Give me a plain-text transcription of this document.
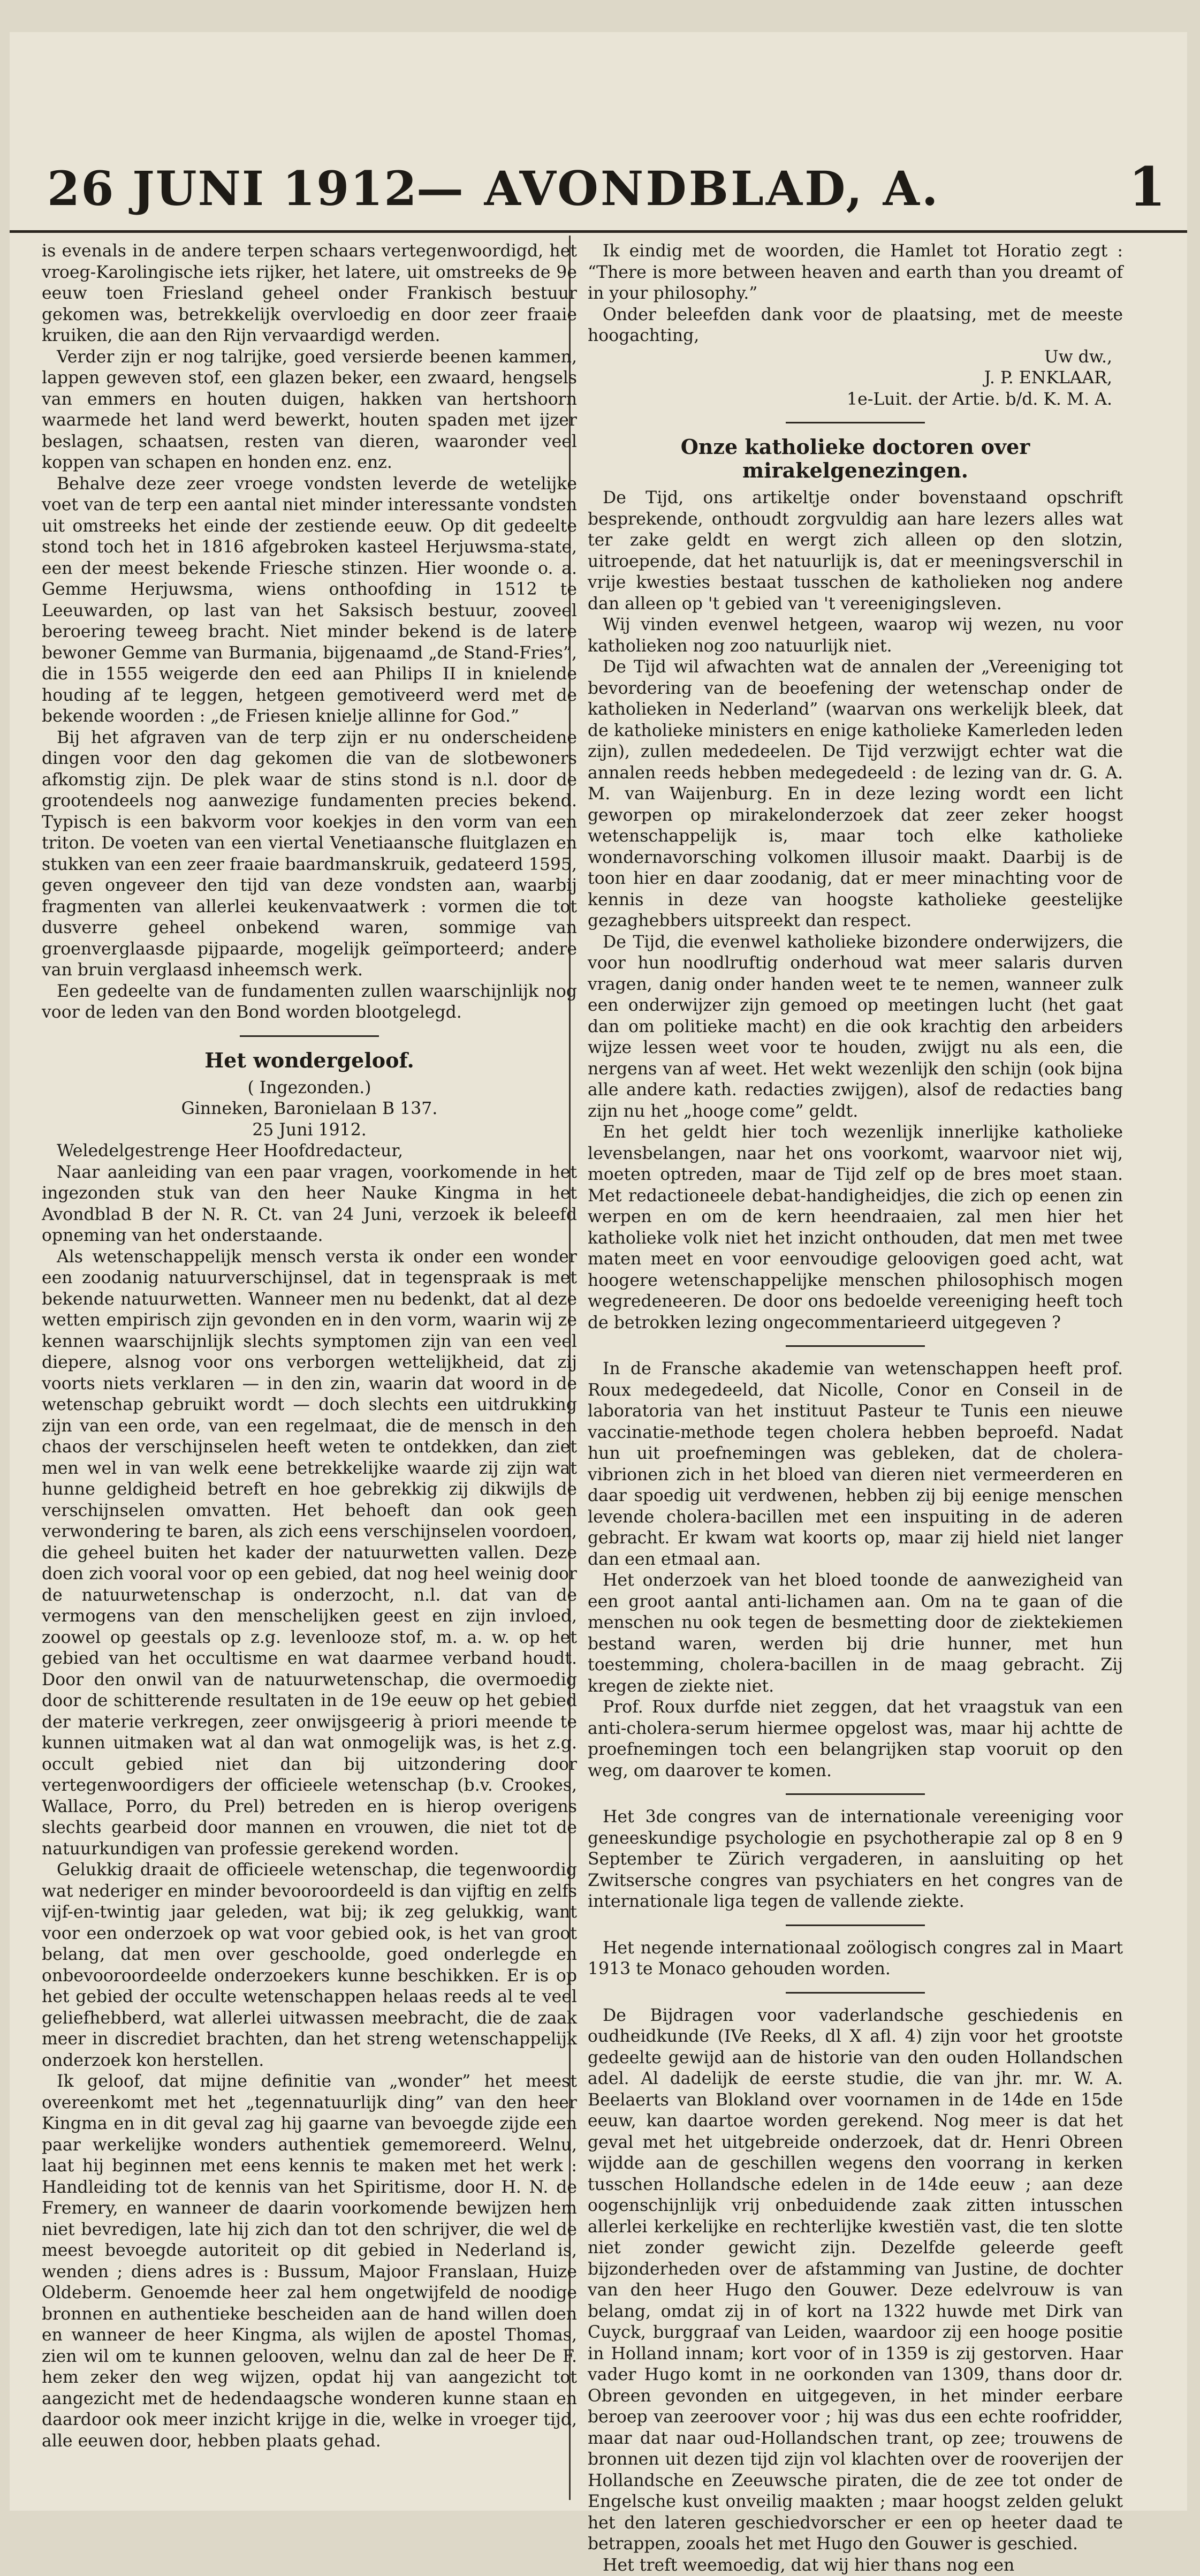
26 JUNI 1912
— AVONDBLAD, A.	1

is evenals in de andere terpen schaars vertegenwoordigd, het vroeg-Karolingische iets rijker, het latere, uit omstreeks de 9e eeuw toen Friesland geheel onder Frankisch bestuur gekomen was, betrekkelijk overvloedig en door zeer fraaie kruiken, die aan den Rijn vervaardigd werden.

Verder zijn er nog talrijke, goed versierde beenen kammen, lappen geweven stof, een glazen beker, een zwaard, hengsels van emmers en houten duigen, hakken van hertshoorn waarmede het land werd bewerkt, houten spaden met ijzer beslagen, schaatsen, resten van dieren, waaronder veel koppen van schapen en honden enz. enz.

Behalve deze zeer vroege vondsten leverde de wetelijke voet van de terp een aantal niet minder interessante vondsten uit omstreeks het einde der zestiende eeuw. Op dit gedeelte stond toch het in 1816 afgebroken kasteel Herjuwsma-state, een der meest bekende Friesche stinzen. Hier woonde o. a. Gemme Herjuwsma, wiens onthoofding in 1512 te Leeuwarden, op last van het Saksisch bestuur, zooveel beroering teweeg bracht. Niet minder bekend is de latere bewoner Gemme van Burmania, bijgenaamd „de Stand-Fries”, die in 1555 weigerde den eed aan Philips II in knielende houding af te leggen, hetgeen gemotiveerd werd met de bekende woorden : „de Friesen knielje allinne for God.”

Bij het afgraven van de terp zijn er nu onderscheidene dingen voor den dag gekomen die van de slotbewoners afkomstig zijn. De plek waar de stins stond is n.l. door de grootendeels nog aanwezige fundamenten precies bekend. Typisch is een bakvorm voor koekjes in den vorm van een triton. De voeten van een viertal Venetiaansche fluitglazen en stukken van een zeer fraaie baardmanskruik, gedateerd 1595, geven ongeveer den tijd van deze vondsten aan, waarbij fragmenten van allerlei keukenvaatwerk : vormen die tot dusverre geheel onbekend waren, sommige van groenverglaasde pijpaarde, mogelijk geïmporteerd; andere van bruin verglaasd inheemsch werk.

Een gedeelte van de fundamenten zullen waarschijnlijk nog voor de leden van den Bond worden blootgelegd.

Het wondergeloof.

( Ingezonden.)

Ginneken, Baronielaan B 137.

25 Juni 1912.

Weledelgestrenge Heer Hoofdredacteur,

Naar aanleiding van een paar vragen, voorkomende in het ingezonden stuk van den heer Nauke Kingma in het Avondblad B der N. R. Ct. van 24 Juni, verzoek ik beleefd opneming van het onderstaande.

Als wetenschappelijk mensch versta ik onder een wonder een zoodanig natuurverschijnsel, dat in tegenspraak is met bekende natuurwetten. Wanneer men nu bedenkt, dat al deze wetten empirisch zijn gevonden en in den vorm, waarin wij ze kennen waarschijnlijk slechts symptomen zijn van een veel diepere, alsnog voor ons verborgen wettelijkheid, dat zij voorts niets verklaren — in den zin, waarin dat woord in de wetenschap gebruikt wordt — doch slechts een uitdrukking zijn van een orde, van een regelmaat, die de mensch in den chaos der verschijnselen heeft weten te ontdekken, dan ziet men wel in van welk eene betrekkelijke waarde zij zijn wat hunne geldigheid betreft en hoe gebrekkig zij dikwijls de verschijnselen omvatten. Het behoeft dan ook geen verwondering te baren, als zich eens verschijnselen voordoen, die geheel buiten het kader der natuurwetten vallen. Deze doen zich vooral voor op een gebied, dat nog heel weinig door de natuurwetenschap is onderzocht, n.l. dat van de vermogens van den menschelijken geest en zijn invloed, zoowel op geestals op z.g. levenlooze stof, m. a. w. op het gebied van het occultisme en wat daarmee verband houdt. Door den onwil van de natuurwetenschap, die overmoedig door de schitterende resultaten in de 19e eeuw op het gebied der materie verkregen, zeer onwijsgeerig à priori meende te kunnen uitmaken wat al dan wat onmogelijk was, is het z.g. occult gebied niet dan bij uitzondering door vertegenwoordigers der officieele wetenschap (b.v. Crookes, Wallace, Porro, du Prel) betreden en is hierop overigens slechts gearbeid door mannen en vrouwen, die niet tot de natuurkundigen van professie gerekend worden.

Gelukkig draait de officieele wetenschap, die tegenwoordig wat nederiger en minder bevooroordeeld is dan vijftig en zelfs vijf-en-twintig jaar geleden, wat bij; ik zeg gelukkig, want voor een onderzoek op wat voor gebied ook, is het van groot belang, dat men over geschoolde, goed onderlegde en onbevooroordeelde onderzoekers kunne beschikken. Er is op het gebied der occulte wetenschappen helaas reeds al te veel geliefhebberd, wat allerlei uitwassen meebracht, die de zaak meer in discrediet brachten, dan het streng wetenschappelijk onderzoek kon herstellen.

Ik geloof, dat mijne definitie van „wonder” het meest overeenkomt met het „tegennatuurlijk ding” van den heer Kingma en in dit geval zag hij gaarne van bevoegde zijde een paar werkelijke wonders authentiek gememoreerd. Welnu, laat hij beginnen met eens kennis te maken met het werk : Handleiding tot de kennis van het Spiritisme, door H. N. de Fremery, en wanneer de daarin voorkomende bewijzen hem niet bevredigen, late hij zich dan tot den schrijver, die wel de meest bevoegde autoriteit op dit gebied in Nederland is, wenden ; diens adres is : Bussum, Majoor Franslaan, Huize Oldeberm. Genoemde heer zal hem ongetwijfeld de noodige bronnen en authentieke bescheiden aan de hand willen doen en wanneer de heer Kingma, als wijlen de apostel Thomas, zien wil om te kunnen gelooven, welnu dan zal de heer De F. hem zeker den weg wijzen, opdat hij van aangezicht tot aangezicht met de hedendaagsche wonderen kunne staan en daardoor ook meer inzicht krijge in die, welke in vroeger tijd, alle eeuwen door, hebben plaats gehad.

Ik eindig met de woorden, die Hamlet tot Horatio zegt : “There is more between heaven and earth than you dreamt of in your philosophy.”

Onder beleefden dank voor de plaatsing, met de meeste hoogachting,

Uw dw.,

J. P. ENKLAAR,

1e-Luit. der Artie. b/d. K. M. A.

Onze katholieke doctoren over mirakelgenezingen.

De Tijd, ons artikeltje onder bovenstaand opschrift besprekende, onthoudt zorgvuldig aan hare lezers alles wat ter zake geldt en wergt zich alleen op den slotzin, uitroepende, dat het natuurlijk is, dat er meeningsverschil in vrije kwesties bestaat tusschen de katholieken nog andere dan alleen op 't gebied van 't vereenigingsleven.

Wij vinden evenwel hetgeen, waarop wij wezen, nu voor katholieken nog zoo natuurlijk niet.

De Tijd wil afwachten wat de annalen der „Vereeniging tot bevordering van de beoefening der wetenschap onder de katholieken in Nederland” (waarvan ons werkelijk bleek, dat de katholieke ministers en enige katholieke Kamerleden leden zijn), zullen mededeelen. De Tijd verzwijgt echter wat die annalen reeds hebben medegedeeld : de lezing van dr. G. A. M. van Waijenburg. En in deze lezing wordt een licht geworpen op mirakelonderzoek dat zeer zeker hoogst wetenschappelijk is, maar toch elke katholieke wondernavorsching volkomen illusoir maakt. Daarbij is de toon hier en daar zoodanig, dat er meer minachting voor de kennis in deze van hoogste katholieke geestelijke gezaghebbers uitspreekt dan respect.

De Tijd, die evenwel katholieke bizondere onderwijzers, die voor hun noodlruftig onderhoud wat meer salaris durven vragen, danig onder handen weet te te nemen, wanneer zulk een onderwijzer zijn gemoed op meetingen lucht (het gaat dan om politieke macht) en die ook krachtig den arbeiders wijze lessen weet voor te houden, zwijgt nu als een, die nergens van af weet. Het wekt wezenlijk den schijn (ook bijna alle andere kath. redacties zwijgen), alsof de redacties bang zijn nu het „hooge come” geldt.

En het geldt hier toch wezenlijk innerlijke katholieke levensbelangen, naar het ons voorkomt, waarvoor niet wij, moeten optreden, maar de Tijd zelf op de bres moet staan. Met redactioneele debat-handigheidjes, die zich op eenen zin werpen en om de kern heendraaien, zal men hier het katholieke volk niet het inzicht onthouden, dat men met twee maten meet en voor eenvoudige geloovigen goed acht, wat hoogere wetenschappelijke menschen philosophisch mogen wegredeneeren. De door ons bedoelde vereeniging heeft toch de betrokken lezing ongecommentarieerd uitgegeven ?

In de Fransche akademie van wetenschappen heeft prof. Roux medegedeeld, dat Nicolle, Conor en Conseil in de laboratoria van het instituut Pasteur te Tunis een nieuwe vaccinatie-methode tegen cholera hebben beproefd. Nadat hun uit proefnemingen was gebleken, dat de cholera-vibrionen zich in het bloed van dieren niet vermeerderen en daar spoedig uit verdwenen, hebben zij bij eenige menschen levende cholera-bacillen met een inspuiting in de aderen gebracht. Er kwam wat koorts op, maar zij hield niet langer dan een etmaal aan.

Het onderzoek van het bloed toonde de aanwezigheid van een groot aantal anti-lichamen aan. Om na te gaan of die menschen nu ook tegen de besmetting door de ziektekiemen bestand waren, werden bij drie hunner, met hun toestemming, cholera-bacillen in de maag gebracht. Zij kregen de ziekte niet.

Prof. Roux durfde niet zeggen, dat het vraagstuk van een anti-cholera-serum hiermee opgelost was, maar hij achtte de proefnemingen toch een belangrijken stap vooruit op den weg, om daarover te komen.

Het 3de congres van de internationale vereeniging voor geneeskundige psychologie en psychotherapie zal op 8 en 9 September te Zürich vergaderen, in aansluiting op het Zwitsersche congres van psychiaters en het congres van de internationale liga tegen de vallende ziekte.

Het negende internationaal zoölogisch congres zal in Maart 1913 te Monaco gehouden worden.

De Bijdragen voor vaderlandsche geschiedenis en oudheidkunde (IVe Reeks, dl X afl. 4) zijn voor het grootste gedeelte gewijd aan de historie van den ouden Hollandschen adel. Al dadelijk de eerste studie, die van jhr. mr. W. A. Beelaerts van Blokland over voornamen in de 14de en 15de eeuw, kan daartoe worden gerekend. Nog meer is dat het geval met het uitgebreide onderzoek, dat dr. Henri Obreen wijdde aan de geschillen wegens den voorrang in kerken tusschen Hollandsche edelen in de 14de eeuw ; aan deze oogenschijnlijk vrij onbeduidende zaak zitten intusschen allerlei kerkelijke en rechterlijke kwestiën vast, die ten slotte niet zonder gewicht zijn. Dezelfde geleerde geeft bijzonderheden over de afstamming van Justine, de dochter van den heer Hugo den Gouwer. Deze edelvrouw is van belang, omdat zij in of kort na 1322 huwde met Dirk van Cuyck, burggraaf van Leiden, waardoor zij een hooge positie in Holland innam; kort voor of in 1359 is zij gestorven. Haar vader Hugo komt in ne oorkonden van 1309, thans door dr. Obreen gevonden en uitgegeven, in het minder eerbare beroep van zeeroover voor ; hij was dus een echte roofridder, maar dat naar oud-Hollandschen trant, op zee; trouwens de bronnen uit dezen tijd zijn vol klachten over de rooverijen der Hollandsche en Zeeuwsche piraten, die de zee tot onder de Engelsche kust onveilig maakten ; maar hoogst zelden gelukt het den lateren geschiedvorscher er een op heeter daad te betrappen, zooals het met Hugo den Gouwer is geschied.

Het treft weemoedig, dat wij hier thans nog een
